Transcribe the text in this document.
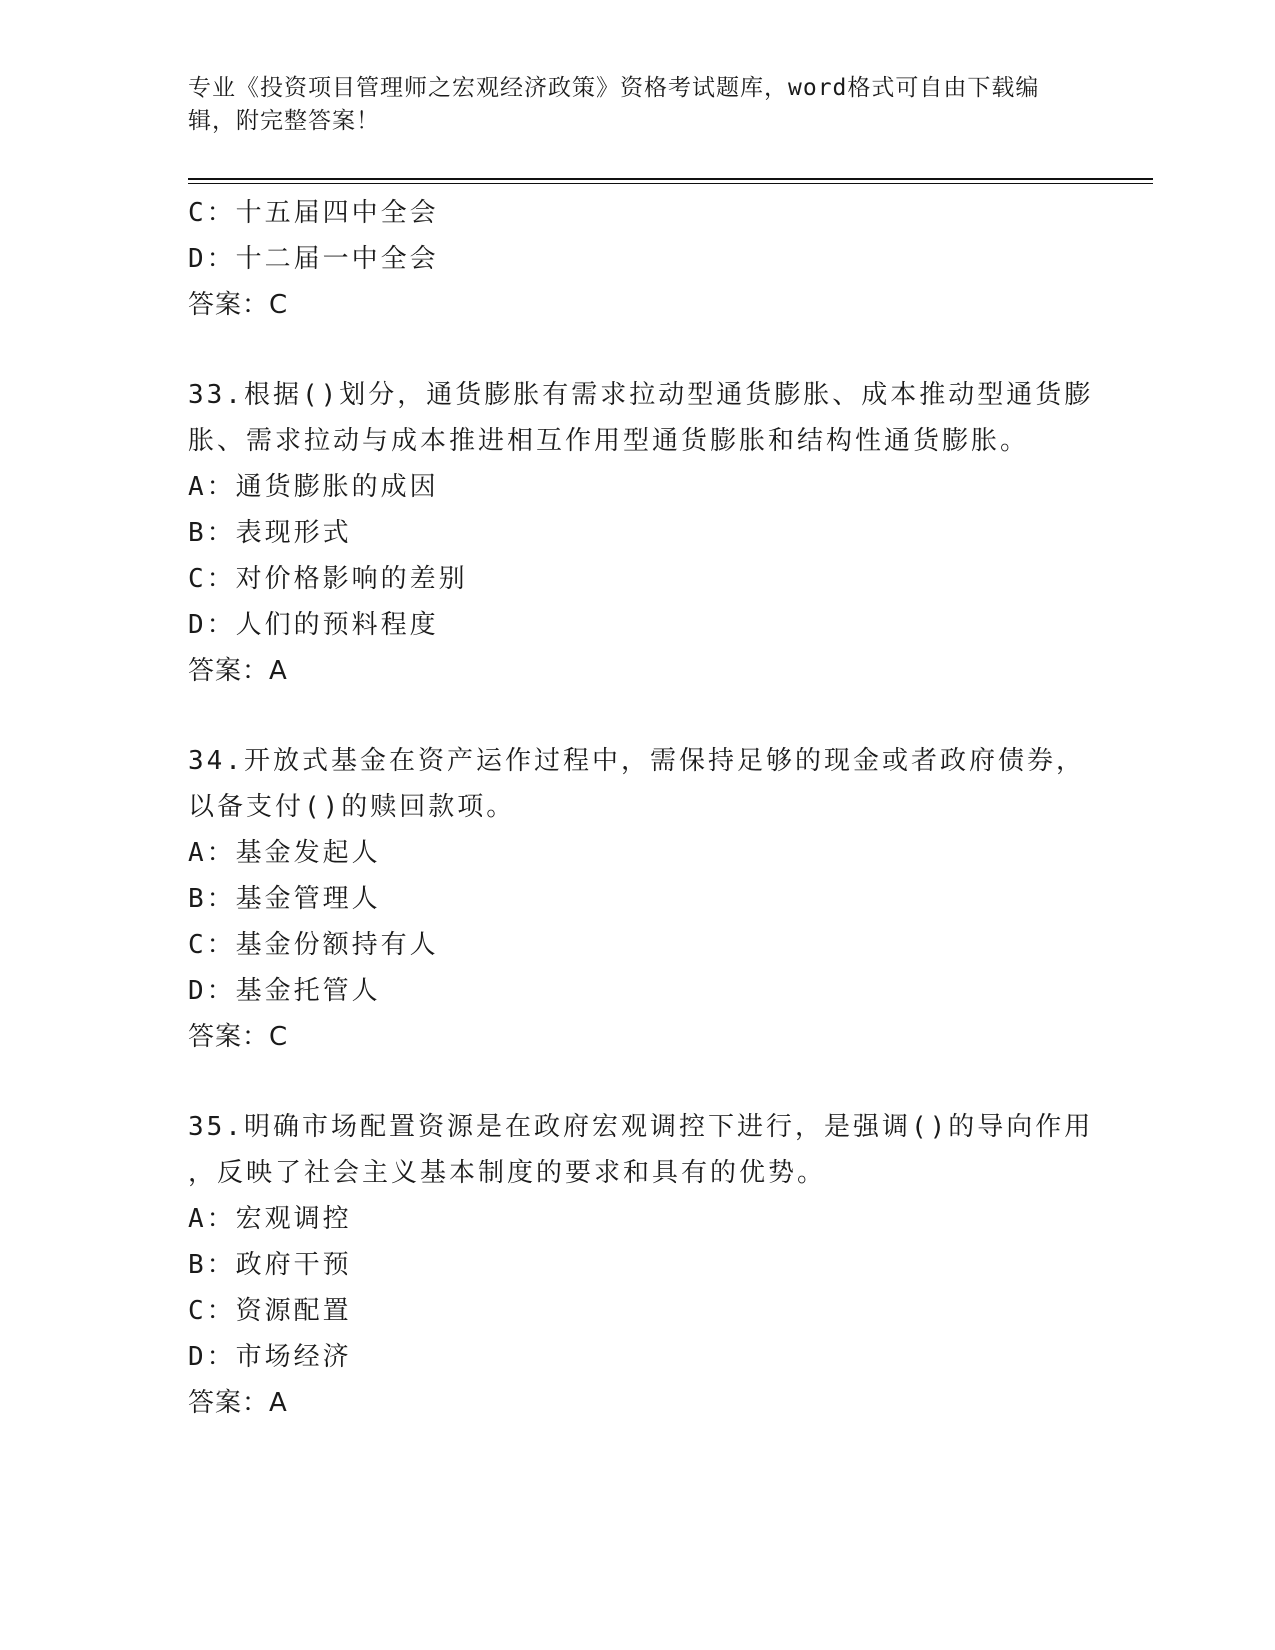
专业《投资项目管理师之宏观经济政策》资格考试题库，word格式可自由下载编
辑，附完整答案！
C：十五届四中全会
D：十二届一中全会
答案：C
33.根据()划分，通货膨胀有需求拉动型通货膨胀、成本推动型通货膨
胀、需求拉动与成本推进相互作用型通货膨胀和结构性通货膨胀。
A：通货膨胀的成因
B：表现形式
C：对价格影响的差别
D：人们的预料程度
答案：A
34.开放式基金在资产运作过程中，需保持足够的现金或者政府债券，
以备支付()的赎回款项。
A：基金发起人
B：基金管理人
C：基金份额持有人
D：基金托管人
答案：C
35.明确市场配置资源是在政府宏观调控下进行，是强调()的导向作用
，反映了社会主义基本制度的要求和具有的优势。
A：宏观调控
B：政府干预
C：资源配置
D：市场经济
答案：A
